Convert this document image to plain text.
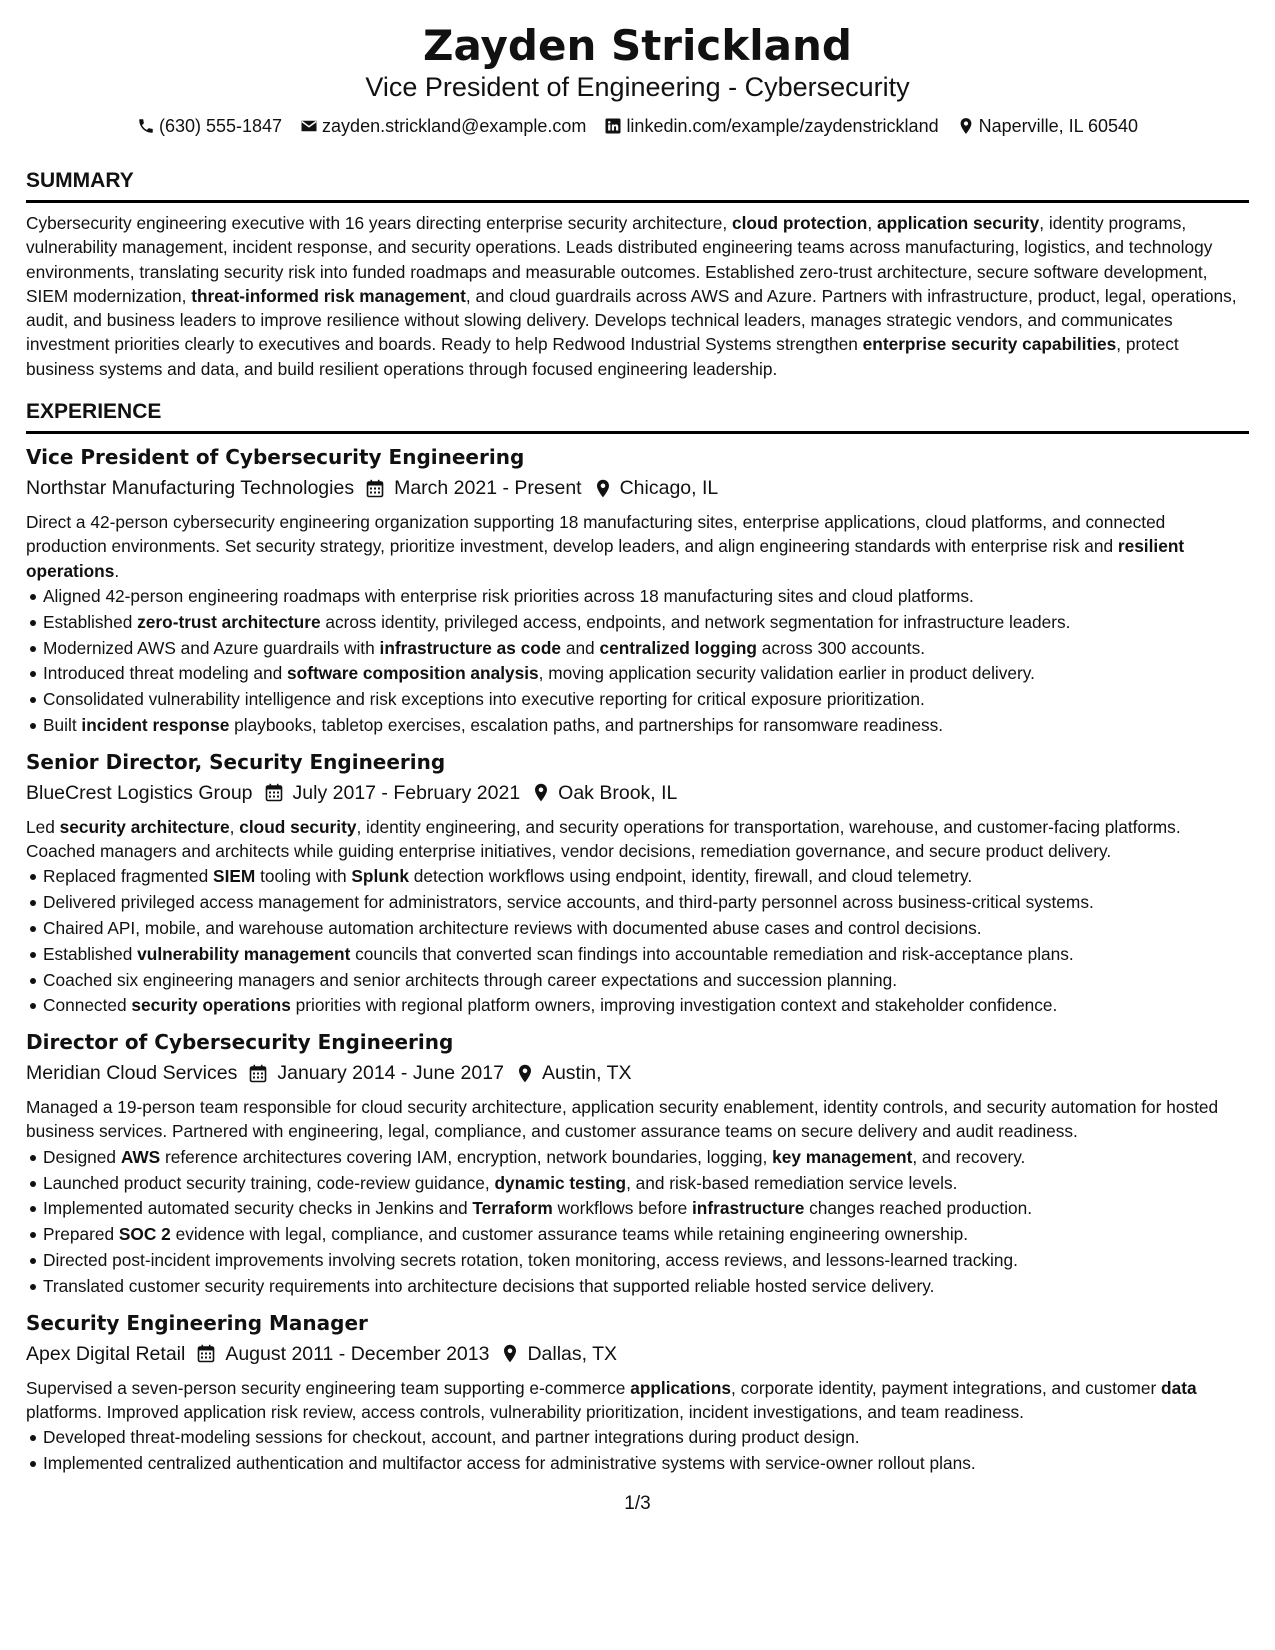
Zayden Strickland
Vice President of Engineering - Cybersecurity
(630) 555-1847 zayden.strickland@example.com linkedin.com/example/zaydenstrickland Naperville, IL 60540
SUMMARY

Cybersecurity engineering executive with 16 years directing enterprise security architecture, cloud protection, application security, identity programs, vulnerability management, incident response, and security operations. Leads distributed engineering teams across manufacturing, logistics, and technology environments, translating security risk into funded roadmaps and measurable outcomes. Established zero-trust architecture, secure software development, SIEM modernization, threat-informed risk management, and cloud guardrails across AWS and Azure. Partners with infrastructure, product, legal, operations, audit, and business leaders to improve resilience without slowing delivery. Develops technical leaders, manages strategic vendors, and communicates investment priorities clearly to executives and boards. Ready to help Redwood Industrial Systems strengthen enterprise security capabilities, protect business systems and data, and build resilient operations through focused engineering leadership.

EXPERIENCE
Vice President of Cybersecurity Engineering
Northstar Manufacturing Technologies March 2021 - Present Chicago, IL

Direct a 42-person cybersecurity engineering organization supporting 18 manufacturing sites, enterprise applications, cloud platforms, and connected production environments. Set security strategy, prioritize investment, develop leaders, and align engineering standards with enterprise risk and resilient operations.

Aligned 42-person engineering roadmaps with enterprise risk priorities across 18 manufacturing sites and cloud platforms.
Established zero-trust architecture across identity, privileged access, endpoints, and network segmentation for infrastructure leaders.
Modernized AWS and Azure guardrails with infrastructure as code and centralized logging across 300 accounts.
Introduced threat modeling and software composition analysis, moving application security validation earlier in product delivery.
Consolidated vulnerability intelligence and risk exceptions into executive reporting for critical exposure prioritization.
Built incident response playbooks, tabletop exercises, escalation paths, and partnerships for ransomware readiness.
Senior Director, Security Engineering
BlueCrest Logistics Group July 2017 - February 2021 Oak Brook, IL

Led security architecture, cloud security, identity engineering, and security operations for transportation, warehouse, and customer-facing platforms. Coached managers and architects while guiding enterprise initiatives, vendor decisions, remediation governance, and secure product delivery.

Replaced fragmented SIEM tooling with Splunk detection workflows using endpoint, identity, firewall, and cloud telemetry.
Delivered privileged access management for administrators, service accounts, and third-party personnel across business-critical systems.
Chaired API, mobile, and warehouse automation architecture reviews with documented abuse cases and control decisions.
Established vulnerability management councils that converted scan findings into accountable remediation and risk-acceptance plans.
Coached six engineering managers and senior architects through career expectations and succession planning.
Connected security operations priorities with regional platform owners, improving investigation context and stakeholder confidence.
Director of Cybersecurity Engineering
Meridian Cloud Services January 2014 - June 2017 Austin, TX

Managed a 19-person team responsible for cloud security architecture, application security enablement, identity controls, and security automation for hosted business services. Partnered with engineering, legal, compliance, and customer assurance teams on secure delivery and audit readiness.

Designed AWS reference architectures covering IAM, encryption, network boundaries, logging, key management, and recovery.
Launched product security training, code-review guidance, dynamic testing, and risk-based remediation service levels.
Implemented automated security checks in Jenkins and Terraform workflows before infrastructure changes reached production.
Prepared SOC 2 evidence with legal, compliance, and customer assurance teams while retaining engineering ownership.
Directed post-incident improvements involving secrets rotation, token monitoring, access reviews, and lessons-learned tracking.
Translated customer security requirements into architecture decisions that supported reliable hosted service delivery.
Security Engineering Manager
Apex Digital Retail August 2011 - December 2013 Dallas, TX

Supervised a seven-person security engineering team supporting e-commerce applications, corporate identity, payment integrations, and customer data platforms. Improved application risk review, access controls, vulnerability prioritization, incident investigations, and team readiness.

Developed threat-modeling sessions for checkout, account, and partner integrations during product design.
Implemented centralized authentication and multifactor access for administrative systems with service-owner rollout plans.
1/3
